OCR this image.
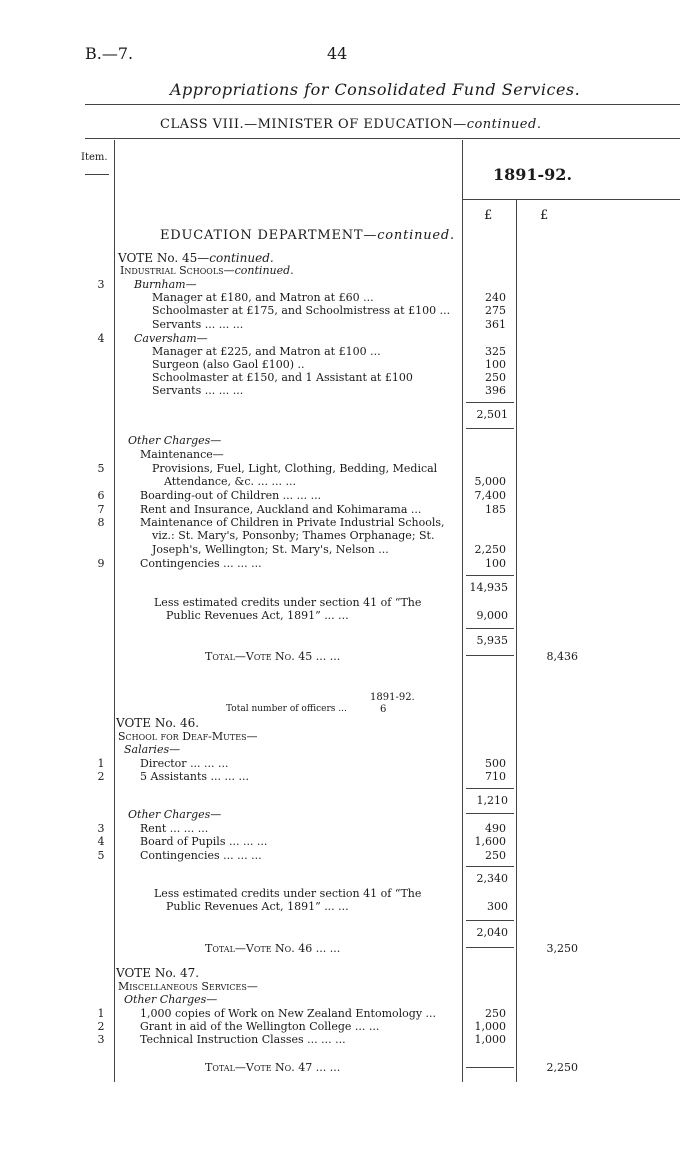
B.—7.	44
Appropriations for Consolidated Fund Services.
CLASS VIII.—MINISTER OF EDUCATION—continued.
Item.
1891-92.
£	£
EDUCATION DEPARTMENT—continued.
VOTE No. 45—continued.
Industrial Schools—continued.
Burnham—
3
Manager at £180, and Matron at £60 ...	240
Schoolmaster at £175, and Schoolmistress at £100 ...	275
Servants ... ... ...	361
4	Caversham—
Manager at £225, and Matron at £100 ...	325
Surgeon (also Gaol £100) ..	100
Schoolmaster at £150, and 1 Assistant at £100	250
Servants ... ... ...	396
2,501
Other Charges—
Maintenance—
5	Provisions, Fuel, Light, Clothing, Bedding, Medical
Attendance, &c. ... ... ...	5,000
6	Boarding-out of Children ... ... ...	7,400
7	Rent and Insurance, Auckland and Kohimarama ...	185
8	Maintenance of Children in Private Industrial Schools,
viz.: St. Mary's, Ponsonby; Thames Orphanage; St.
Joseph's, Wellington; St. Mary's, Nelson ...	2,250
9	Contingencies ... ... ...	100
14,935
Less estimated credits under section 41 of “The
Public Revenues Act, 1891” ... ...	9,000
5,935
Total—Vote No. 45 ... ...	8,436
1891-92.
Total number of officers ...	6
VOTE No. 46.
School for Deaf-Mutes—
Salaries—
1	Director ... ... ...	500
2	5 Assistants ... ... ...	710
1,210
Other Charges—
3	Rent ... ... ...	490
4	Board of Pupils ... ... ...	1,600
5	Contingencies ... ... ...	250
2,340
Less estimated credits under section 41 of “The
Public Revenues Act, 1891” ... ...	300
2,040
Total—Vote No. 46 ... ...	3,250
VOTE No. 47.
Miscellaneous Services—
Other Charges—
1	1,000 copies of Work on New Zealand Entomology ...	250
2	Grant in aid of the Wellington College ... ...	1,000
3	Technical Instruction Classes ... ... ...	1,000
Total—Vote No. 47 ... ...	2,250
